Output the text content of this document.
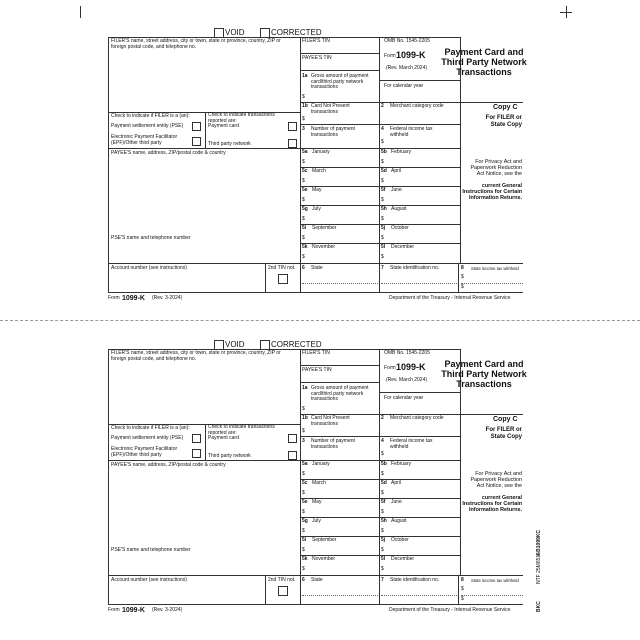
BKC
NTF 25M8515
4 B1099KC
VOID	CORRECTED
FILER'S name, street address, city or town, state or province, country, ZIP or foreign postal code, and telephone no.
FILER'S TIN
PAYEE'S TIN
1a Gross amount of payment card/third party network transactions
$
OMB No. 1545-2205
Form 1099-K
(Rev. March 2024)
For calendar year
Payment Card and Third Party Network Transactions
1b Card Not Present transactions
$
2 Merchant category code
3 Number of payment transactions
4 Federal income tax withheld
$
Check to indicate if FILER is a (an):
Payment settlement entity (PSE)
Electronic Payment Facilitator (EPF)/Other third party
Check to indicate transactions reported are:
Payment card
Third party network
PAYEE'S name, address, ZIP/postal code & country
PSE'S name and telephone number
5a January
$
5b February
$
5c March
$
5d April
$
5e May
$
5f June
$
5g July
$
5h August
$
5i September
$
5j October
$
5k November
$
5l December
$
Copy C
For FILER or State Copy
For Privacy Act and Paperwork Reduction Act Notice, see the
current General Instructions for Certain Information Returns.
Account number (see instructions)	2nd TIN not. 6 State	7 State identification no.	8 State income tax withheld
$
$
Form 1099-K (Rev. 3-2024)	Department of the Treasury - Internal Revenue Service
VOID	CORRECTED
FILER'S name, street address, city or town, state or province, country, ZIP or foreign postal code, and telephone no.
FILER'S TIN
PAYEE'S TIN
1a Gross amount of payment card/third party network transactions
$
OMB No. 1545-2205
Form 1099-K
(Rev. March 2024)
For calendar year
Payment Card and Third Party Network Transactions
1b Card Not Present transactions
$
2 Merchant category code
3 Number of payment transactions
4 Federal income tax withheld
$
Check to indicate if FILER is a (an):
Payment settlement entity (PSE)
Electronic Payment Facilitator (EPF)/Other third party
Check to indicate transactions reported are:
Payment card
Third party network
PAYEE'S name, address, ZIP/postal code & country
PSE'S name and telephone number
5a January
$
5b February
$
5c March
$
5d April
$
5e May
$
5f June
$
5g July
$
5h August
$
5i September
$
5j October
$
5k November
$
5l December
$
Copy C
For FILER or State Copy
For Privacy Act and Paperwork Reduction Act Notice, see the
current General Instructions for Certain Information Returns.
Account number (see instructions)	2nd TIN not. 6 State	7 State identification no.	8 State income tax withheld
$
$
Form 1099-K (Rev. 3-2024)	Department of the Treasury - Internal Revenue Service
